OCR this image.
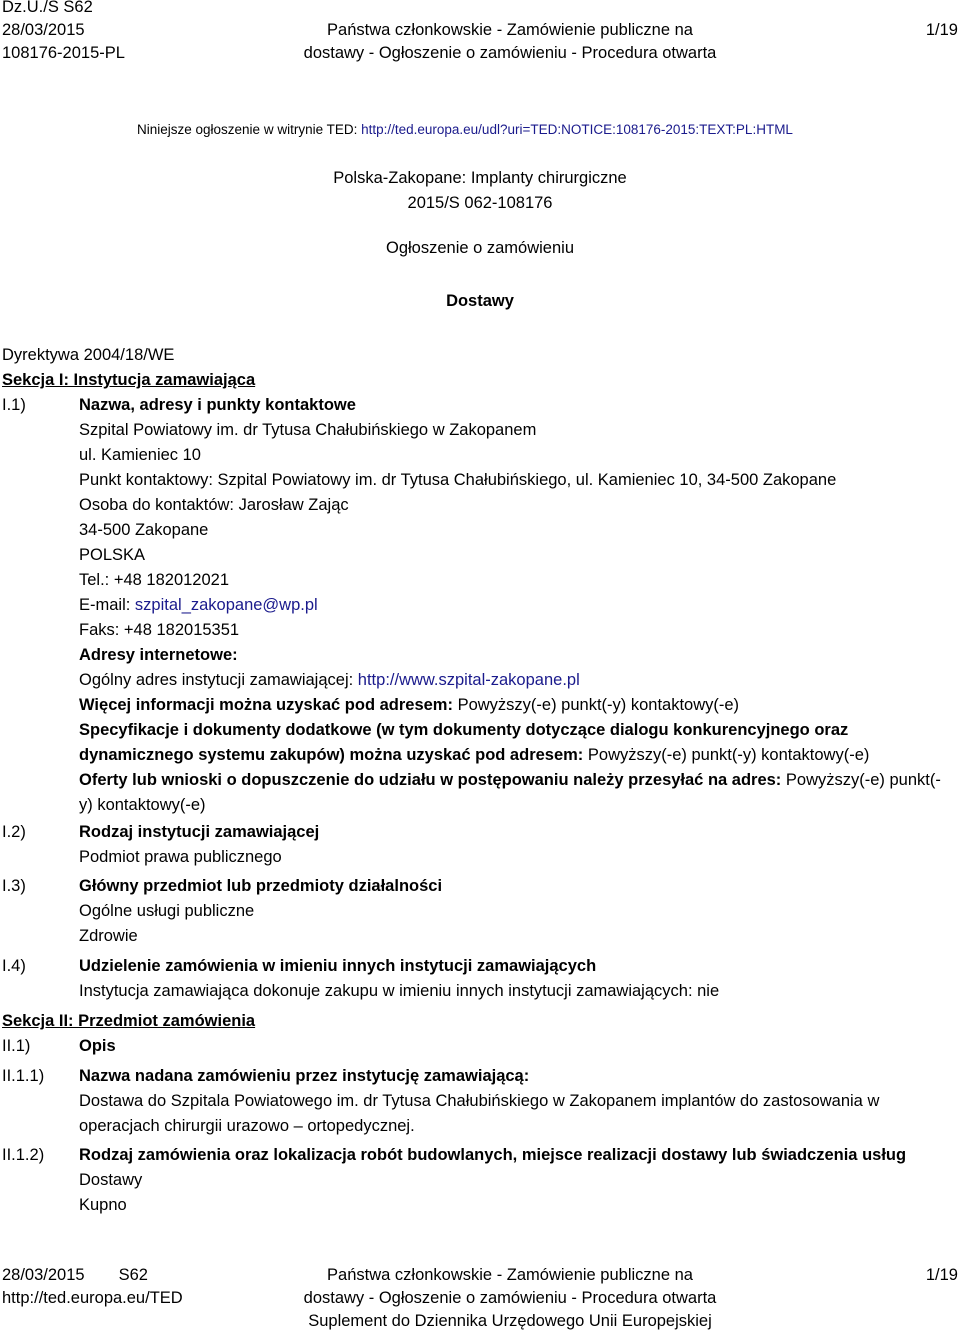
Dz.U./S S62
28/03/2015
108176-2015-PL
Państwa członkowskie - Zamówienie publiczne na
dostawy - Ogłoszenie o zamówieniu - Procedura otwarta
1/19
Niniejsze ogłoszenie w witrynie TED: http://ted.europa.eu/udl?uri=TED:NOTICE:108176-2015:TEXT:PL:HTML
Polska-Zakopane: Implanty chirurgiczne
2015/S 062-108176
Ogłoszenie o zamówieniu
Dostawy
Dyrektywa 2004/18/WE
Sekcja I: Instytucja zamawiająca
I.1)	Nazwa, adresy i punkty kontaktowe
Szpital Powiatowy im. dr Tytusa Chałubińskiego w Zakopanem
ul. Kamieniec 10
Punkt kontaktowy: Szpital Powiatowy im. dr Tytusa Chałubińskiego, ul. Kamieniec 10, 34-500 Zakopane
Osoba do kontaktów: Jarosław Zając
34-500 Zakopane
POLSKA
Tel.: +48 182012021
E-mail: szpital_zakopane@wp.pl
Faks: +48 182015351
Adresy internetowe:
Ogólny adres instytucji zamawiającej: http://www.szpital-zakopane.pl
Więcej informacji można uzyskać pod adresem: Powyższy(-e) punkt(-y) kontaktowy(-e)
Specyfikacje i dokumenty dodatkowe (w tym dokumenty dotyczące dialogu konkurencyjnego oraz dynamicznego systemu zakupów) można uzyskać pod adresem: Powyższy(-e) punkt(-y) kontaktowy(-e)
Oferty lub wnioski o dopuszczenie do udziału w postępowaniu należy przesyłać na adres: Powyższy(-e) punkt(-y) kontaktowy(-e)
I.2)	Rodzaj instytucji zamawiającej
Podmiot prawa publicznego
I.3)	Główny przedmiot lub przedmioty działalności
Ogólne usługi publiczne
Zdrowie
I.4)	Udzielenie zamówienia w imieniu innych instytucji zamawiających
Instytucja zamawiająca dokonuje zakupu w imieniu innych instytucji zamawiających: nie
Sekcja II: Przedmiot zamówienia
II.1)	Opis
II.1.1)	Nazwa nadana zamówieniu przez instytucję zamawiającą:
Dostawa do Szpitala Powiatowego im. dr Tytusa Chałubińskiego w Zakopanem implantów do zastosowania w operacjach chirurgii urazowo – ortopedycznej.
II.1.2)	Rodzaj zamówienia oraz lokalizacja robót budowlanych, miejsce realizacji dostawy lub świadczenia usług
Dostawy
Kupno
28/03/2015 S62
http://ted.europa.eu/TED
Państwa członkowskie - Zamówienie publiczne na
dostawy - Ogłoszenie o zamówieniu - Procedura otwarta
Suplement do Dziennika Urzędowego Unii Europejskiej
1/19
